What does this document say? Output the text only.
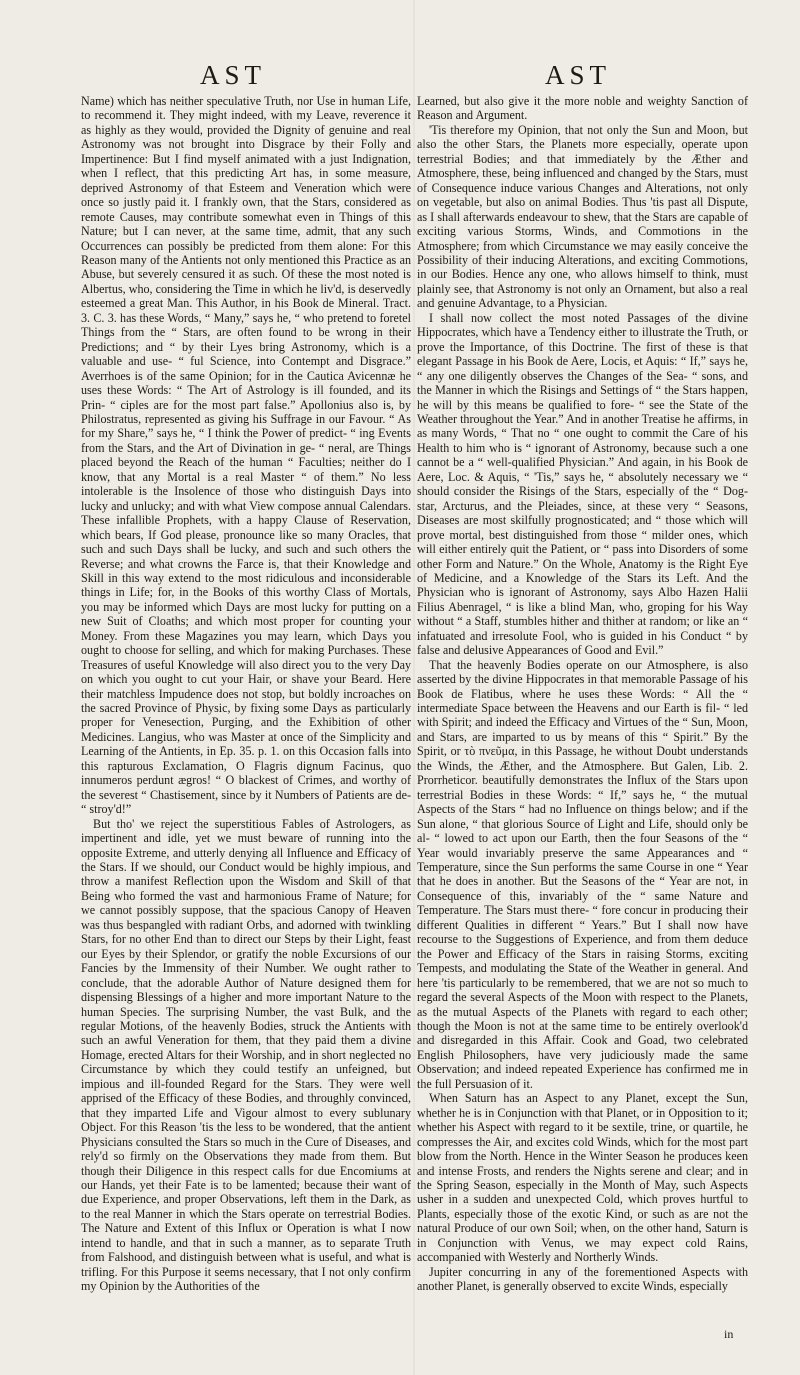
AST	AST

Name) which has neither speculative Truth, nor Use in human Life, to recommend it. They might indeed, with my Leave, reverence it as highly as they would, provided the Dignity of genuine and real Astronomy was not brought into Disgrace by their Folly and Impertinence: But I find myself animated with a just Indignation, when I reflect, that this predicting Art has, in some measure, deprived Astronomy of that Esteem and Veneration which were once so justly paid it. I frankly own, that the Stars, considered as remote Causes, may contribute somewhat even in Things of this Nature; but I can never, at the same time, admit, that any such Occurrences can possibly be predicted from them alone: For this Reason many of the Antients not only mentioned this Practice as an Abuse, but severely censured it as such. Of these the most noted is Albertus, who, considering the Time in which he liv'd, is deservedly esteemed a great Man. This Author, in his Book de Mineral. Tract. 3. C. 3. has these Words, “ Many,” says he, “ who pretend to foretel Things from the “ Stars, are often found to be wrong in their Predictions; and “ by their Lyes bring Astronomy, which is a valuable and use- “ ful Science, into Contempt and Disgrace.” Averrhoes is of the same Opinion; for in the Cautica Avicennæ he uses these Words: “ The Art of Astrology is ill founded, and its Prin- “ ciples are for the most part false.” Apollonius also is, by Philostratus, represented as giving his Suffrage in our Favour. “ As for my Share,” says he, “ I think the Power of predict- “ ing Events from the Stars, and the Art of Divination in ge- “ neral, are Things placed beyond the Reach of the human “ Faculties; neither do I know, that any Mortal is a real Master “ of them.” No less intolerable is the Insolence of those who distinguish Days into lucky and unlucky; and with what View compose annual Calendars. These infallible Prophets, with a happy Clause of Reservation, which bears, If God please, pronounce like so many Oracles, that such and such Days shall be lucky, and such and such others the Reverse; and what crowns the Farce is, that their Knowledge and Skill in this way extend to the most ridiculous and inconsiderable things in Life; for, in the Books of this worthy Class of Mortals, you may be informed which Days are most lucky for putting on a new Suit of Cloaths; and which most proper for counting your Money. From these Magazines you may learn, which Days you ought to choose for selling, and which for making Purchases. These Treasures of useful Knowledge will also direct you to the very Day on which you ought to cut your Hair, or shave your Beard. Here their matchless Impudence does not stop, but boldly incroaches on the sacred Province of Physic, by fixing some Days as particularly proper for Venesection, Purging, and the Exhibition of other Medicines. Langius, who was Master at once of the Simplicity and Learning of the Antients, in Ep. 35. p. 1. on this Occasion falls into this rapturous Exclamation, O Flagris dignum Facinus, quo innumeros perdunt ægros! “ O blackest of Crimes, and worthy of the severest “ Chastisement, since by it Numbers of Patients are de- “ stroy'd!”

But tho' we reject the superstitious Fables of Astrologers, as impertinent and idle, yet we must beware of running into the opposite Extreme, and utterly denying all Influence and Efficacy of the Stars. If we should, our Conduct would be highly impious, and throw a manifest Reflection upon the Wisdom and Skill of that Being who formed the vast and harmonious Frame of Nature; for we cannot possibly suppose, that the spacious Canopy of Heaven was thus bespangled with radiant Orbs, and adorned with twinkling Stars, for no other End than to direct our Steps by their Light, feast our Eyes by their Splendor, or gratify the noble Excursions of our Fancies by the Immensity of their Number. We ought rather to conclude, that the adorable Author of Nature designed them for dispensing Blessings of a higher and more important Nature to the human Species. The surprising Number, the vast Bulk, and the regular Motions, of the heavenly Bodies, struck the Antients with such an awful Veneration for them, that they paid them a divine Homage, erected Altars for their Worship, and in short neglected no Circumstance by which they could testify an unfeigned, but impious and ill-founded Regard for the Stars. They were well apprised of the Efficacy of these Bodies, and throughly convinced, that they imparted Life and Vigour almost to every sublunary Object. For this Reason 'tis the less to be wondered, that the antient Physicians consulted the Stars so much in the Cure of Diseases, and rely'd so firmly on the Observations they made from them. But though their Diligence in this respect calls for due Encomiums at our Hands, yet their Fate is to be lamented; because their want of due Experience, and proper Observations, left them in the Dark, as to the real Manner in which the Stars operate on terrestrial Bodies. The Nature and Extent of this Influx or Operation is what I now intend to handle, and that in such a manner, as to separate Truth from Falshood, and distinguish between what is useful, and what is trifling. For this Purpose it seems necessary, that I not only confirm my Opinion by the Authorities of the

Learned, but also give it the more noble and weighty Sanction of Reason and Argument.

'Tis therefore my Opinion, that not only the Sun and Moon, but also the other Stars, the Planets more especially, operate upon terrestrial Bodies; and that immediately by the Æther and Atmosphere, these, being influenced and changed by the Stars, must of Consequence induce various Changes and Alterations, not only on vegetable, but also on animal Bodies. Thus 'tis past all Dispute, as I shall afterwards endeavour to shew, that the Stars are capable of exciting various Storms, Winds, and Commotions in the Atmosphere; from which Circumstance we may easily conceive the Possibility of their inducing Alterations, and exciting Commotions, in our Bodies. Hence any one, who allows himself to think, must plainly see, that Astronomy is not only an Ornament, but also a real and genuine Advantage, to a Physician.

I shall now collect the most noted Passages of the divine Hippocrates, which have a Tendency either to illustrate the Truth, or prove the Importance, of this Doctrine. The first of these is that elegant Passage in his Book de Aere, Locis, et Aquis: “ If,” says he, “ any one diligently observes the Changes of the Sea- “ sons, and the Manner in which the Risings and Settings of “ the Stars happen, he will by this means be qualified to fore- “ see the State of the Weather throughout the Year.” And in another Treatise he affirms, in as many Words, “ That no “ one ought to commit the Care of his Health to him who is “ ignorant of Astronomy, because such a one cannot be a “ well-qualified Physician.” And again, in his Book de Aere, Loc. & Aquis, “ 'Tis,” says he, “ absolutely necessary we “ should consider the Risings of the Stars, especially of the “ Dog-star, Arcturus, and the Pleiades, since, at these very “ Seasons, Diseases are most skilfully prognosticated; and “ those which will prove mortal, best distinguished from those “ milder ones, which will either entirely quit the Patient, or “ pass into Disorders of some other Form and Nature.” On the Whole, Anatomy is the Right Eye of Medicine, and a Knowledge of the Stars its Left. And the Physician who is ignorant of Astronomy, says Albo Hazen Halii Filius Abenragel, “ is like a blind Man, who, groping for his Way without “ a Staff, stumbles hither and thither at random; or like an “ infatuated and irresolute Fool, who is guided in his Conduct “ by false and delusive Appearances of Good and Evil.”

That the heavenly Bodies operate on our Atmosphere, is also asserted by the divine Hippocrates in that memorable Passage of his Book de Flatibus, where he uses these Words: “ All the “ intermediate Space between the Heavens and our Earth is fil- “ led with Spirit; and indeed the Efficacy and Virtues of the “ Sun, Moon, and Stars, are imparted to us by means of this “ Spirit.” By the Spirit, or τὸ πνεῦμα, in this Passage, he without Doubt understands the Winds, the Æther, and the Atmosphere. But Galen, Lib. 2. Prorrheticor. beautifully demonstrates the Influx of the Stars upon terrestrial Bodies in these Words: “ If,” says he, “ the mutual Aspects of the Stars “ had no Influence on things below; and if the Sun alone, “ that glorious Source of Light and Life, should only be al- “ lowed to act upon our Earth, then the four Seasons of the “ Year would invariably preserve the same Appearances and “ Temperature, since the Sun performs the same Course in one “ Year that he does in another. But the Seasons of the “ Year are not, in Consequence of this, invariably of the “ same Nature and Temperature. The Stars must there- “ fore concur in producing their different Qualities in different “ Years.” But I shall now have recourse to the Suggestions of Experience, and from them deduce the Power and Efficacy of the Stars in raising Storms, exciting Tempests, and modulating the State of the Weather in general. And here 'tis particularly to be remembered, that we are not so much to regard the several Aspects of the Moon with respect to the Planets, as the mutual Aspects of the Planets with regard to each other; though the Moon is not at the same time to be entirely overlook'd and disregarded in this Affair. Cook and Goad, two celebrated English Philosophers, have very judiciously made the same Observation; and indeed repeated Experience has confirmed me in the full Persuasion of it.

When Saturn has an Aspect to any Planet, except the Sun, whether he is in Conjunction with that Planet, or in Opposition to it; whether his Aspect with regard to it be sextile, trine, or quartile, he compresses the Air, and excites cold Winds, which for the most part blow from the North. Hence in the Winter Season he produces keen and intense Frosts, and renders the Nights serene and clear; and in the Spring Season, especially in the Month of May, such Aspects usher in a sudden and unexpected Cold, which proves hurtful to Plants, especially those of the exotic Kind, or such as are not the natural Produce of our own Soil; when, on the other hand, Saturn is in Conjunction with Venus, we may expect cold Rains, accompanied with Westerly and Northerly Winds.

Jupiter concurring in any of the forementioned Aspects with another Planet, is generally observed to excite Winds, especially

in
